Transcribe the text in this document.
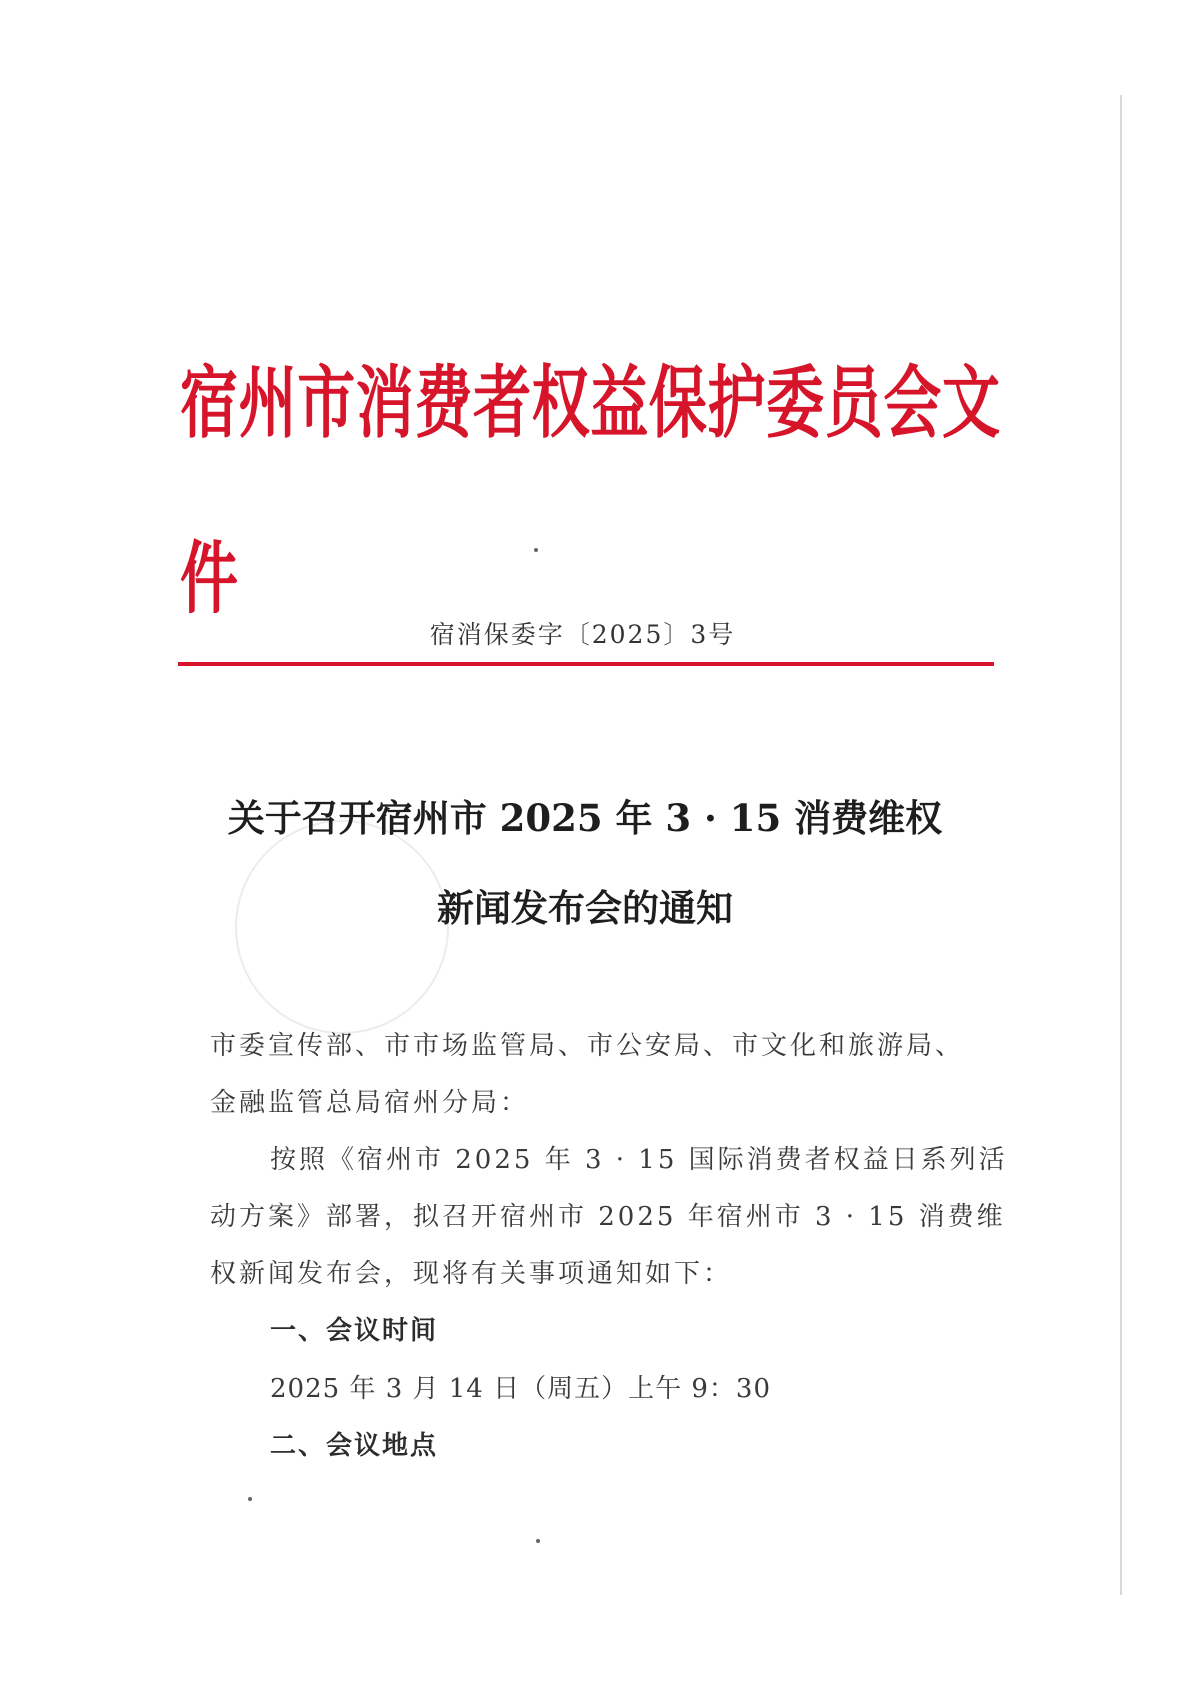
宿州市消费者权益保护委员会文件
宿消保委字〔2025〕3号
关于召开宿州市 2025 年 3 · 15 消费维权
新闻发布会的通知
市委宣传部、市市场监管局、市公安局、市文化和旅游局、
金融监管总局宿州分局：
按照《宿州市 2025 年 3 · 15 国际消费者权益日系列活
动方案》部署，拟召开宿州市 2025 年宿州市 3 · 15 消费维
权新闻发布会，现将有关事项通知如下：
一、会议时间
2025 年 3 月 14 日（周五）上午 9：30
二、会议地点
